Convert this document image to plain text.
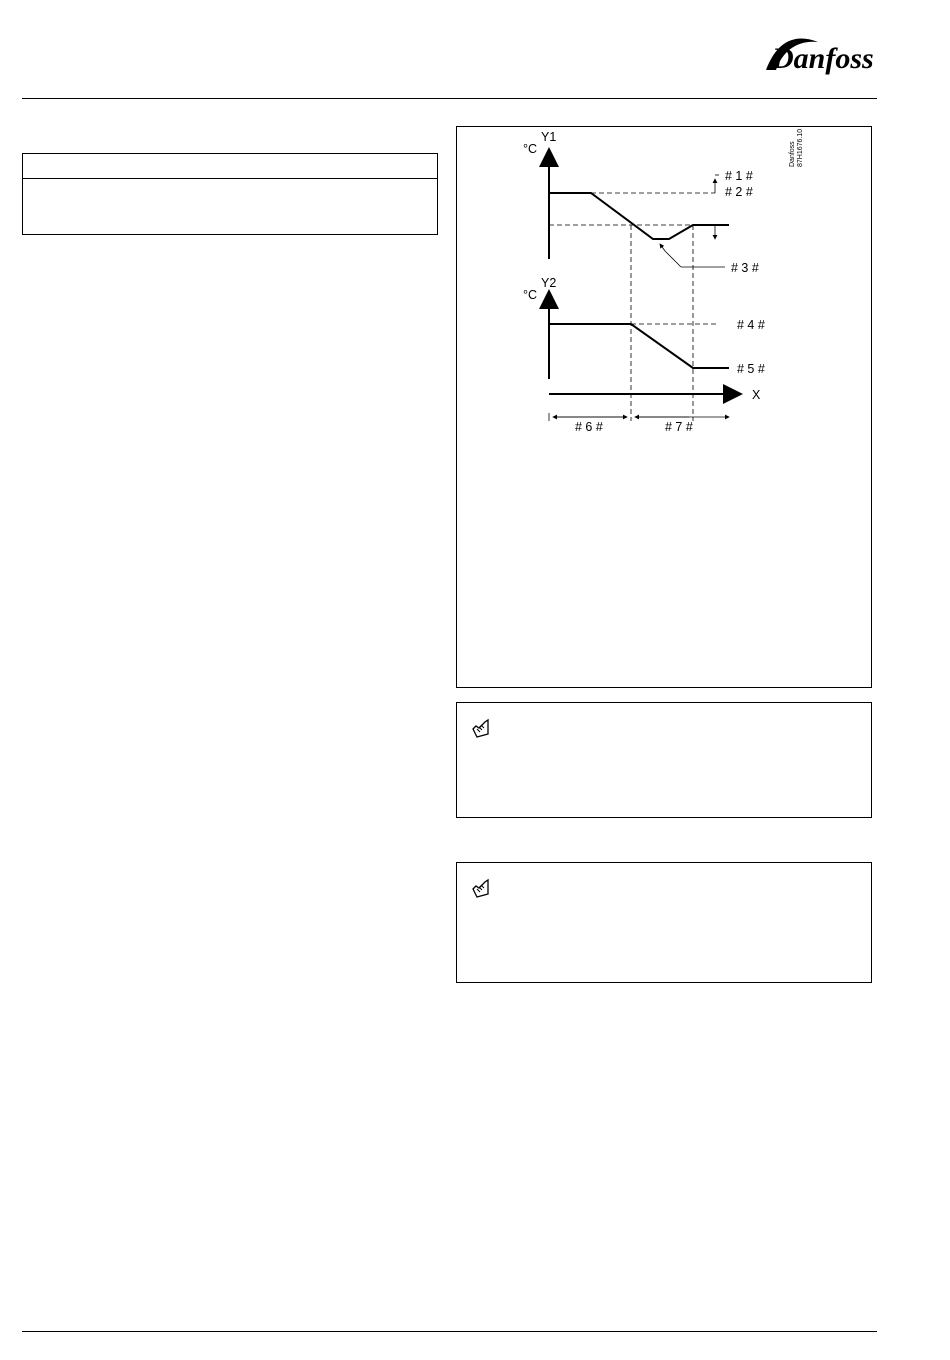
Danfoss
Danfoss 87H1676.10
Y1
°C
# 1 #
# 2 #
# 3 #
Y2
°C
# 4 #
# 5 #
X
# 6 #	# 7 #
